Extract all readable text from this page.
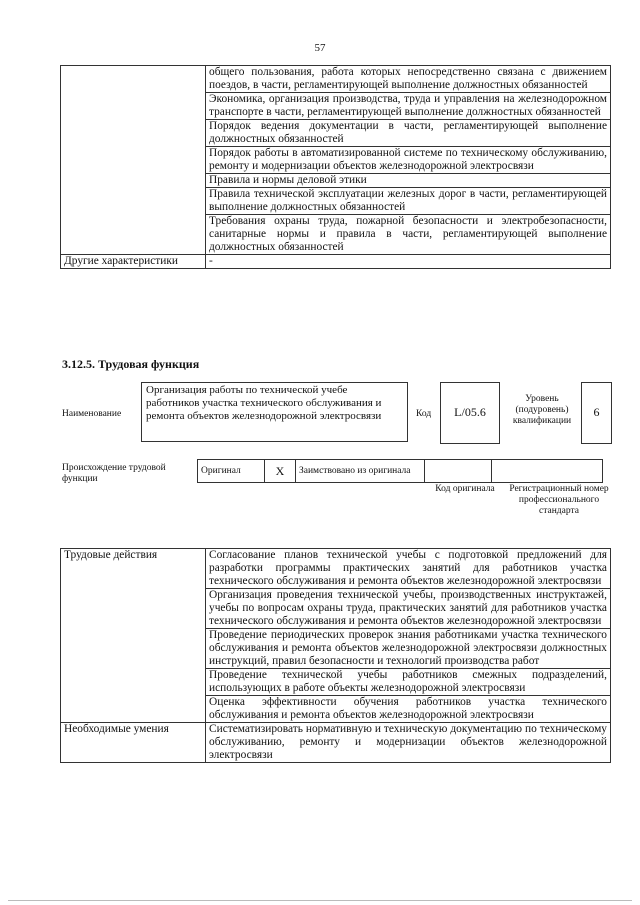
57
	общего пользования, работа которых непосредственно связана с движением поездов, в части, регламентирующей выполнение должностных обязанностей
	Экономика, организация производства, труда и управления на железнодорожном транспорте в части, регламентирующей выполнение должностных обязанностей
	Порядок ведения документации в части, регламентирующей выполнение должностных обязанностей
	Порядок работы в автоматизированной системе по техническому обслуживанию, ремонту и модернизации объектов железнодорожной электросвязи
	Правила и нормы деловой этики
	Правила технической эксплуатации железных дорог в части, регламентирующей выполнение должностных обязанностей
	Требования охраны труда, пожарной безопасности и электробезопасности, санитарные нормы и правила в части, регламентирующей выполнение должностных обязанностей
Другие характеристики	-
3.12.5. Трудовая функция
Наименование
Организация работы по технической учебе работников участка технического обслуживания и ремонта объектов железнодорожной электросвязи	Код	L/05.6
Уровень (подуровень) квалификации
6
Происхождение трудовой функции
Оригинал	X	Заимствовано из оригинала		
Код оригинала	Регистрационный номер профессионального стандарта
Трудовые действия	Согласование планов технической учебы с подготовкой предложений для разработки программы практических занятий для работников участка технического обслуживания и ремонта объектов железнодорожной электросвязи
	Организация проведения технической учебы, производственных инструктажей, учебы по вопросам охраны труда, практических занятий для работников участка технического обслуживания и ремонта объектов железнодорожной электросвязи
	Проведение периодических проверок знания работниками участка технического обслуживания и ремонта объектов железнодорожной электросвязи должностных инструкций, правил безопасности и технологий производства работ
	Проведение технической учебы работников смежных подразделений, использующих в работе объекты железнодорожной электросвязи
	Оценка эффективности обучения работников участка технического обслуживания и ремонта объектов железнодорожной электросвязи
Необходимые умения	Систематизировать нормативную и техническую документацию по техническому обслуживанию, ремонту и модернизации объектов железнодорожной электросвязи
